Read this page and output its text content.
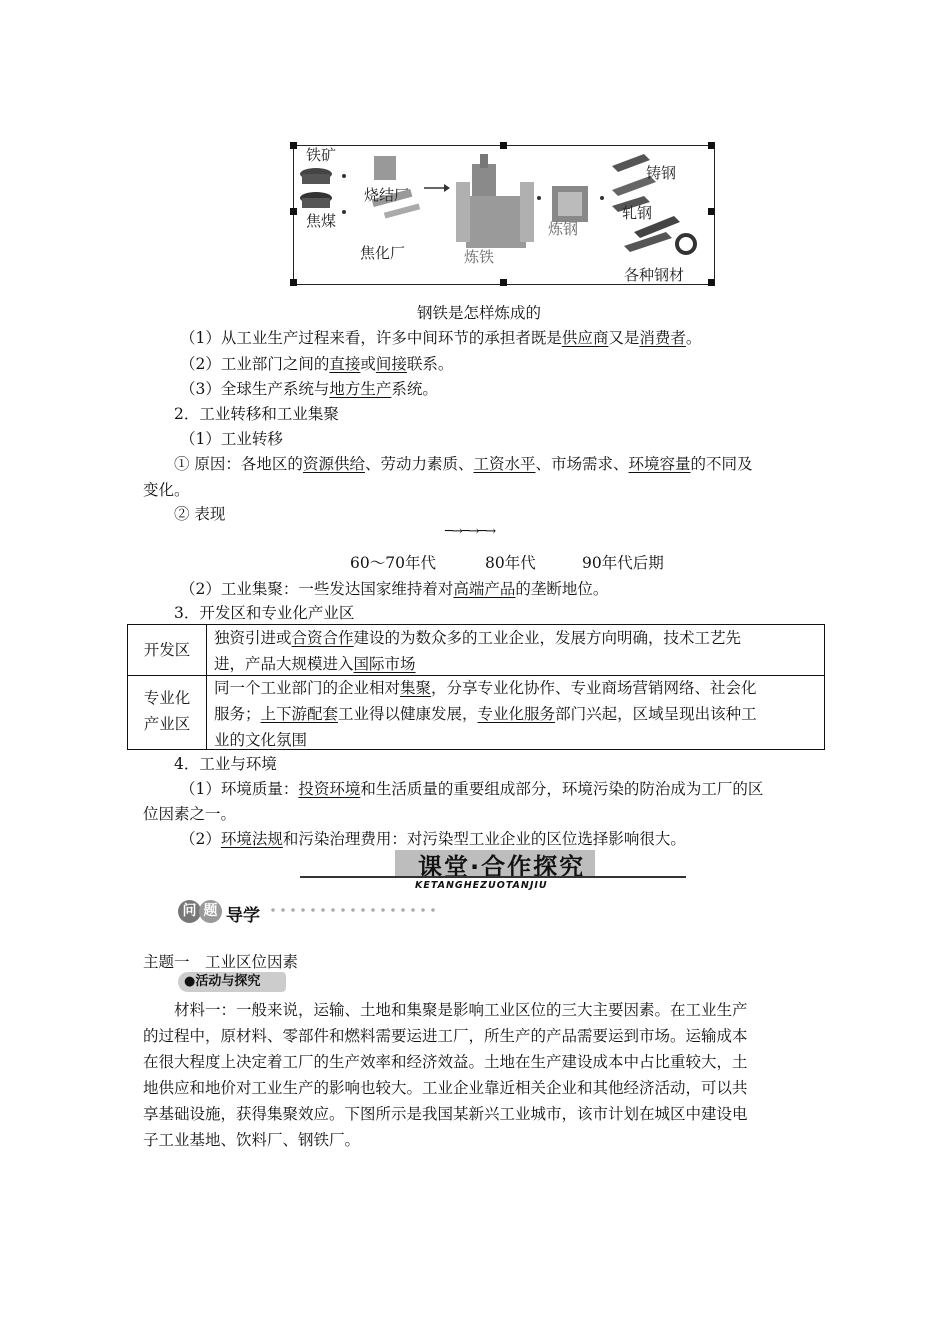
铁矿
焦煤
烧结厂
焦化厂	炼铁
炼钢
铸钢
轧钢
各种钢材
钢铁是怎样炼成的
（1）从工业生产过程来看，许多中间环节的承担者既是供应商又是消费者。
（2）工业部门之间的直接或间接联系。
（3）全球生产系统与地方生产系统。
2．工业转移和工业集聚
（1）工业转移
① 原因：各地区的资源供给、劳动力素质、工资水平、市场需求、环境容量的不同及
变化。
② 表现
─→─→─→
60～70年代	80年代	90年代后期
（2）工业集聚：一些发达国家维持着对高端产品的垄断地位。
3．开发区和专业化产业区
开发区
独资引进或合资合作建设的为数众多的工业企业，发展方向明确，技术工艺先
进，产品大规模进入国际市场
专业化
产业区
同一个工业部门的企业相对集聚，分享专业化协作、专业商场营销网络、社会化
服务；上下游配套工业得以健康发展，专业化服务部门兴起，区域呈现出该种工
业的文化氛围
4．工业与环境
（1）环境质量：投资环境和生活质量的重要组成部分，环境污染的防治成为工厂的区
位因素之一。
（2）环境法规和污染治理费用：对污染型工业企业的区位选择影响很大。
课堂·合作探究
KETANGHEZUOTANJIU
问 题 导学
主题一　工业区位因素
●活动与探究
材料一：一般来说，运输、土地和集聚是影响工业区位的三大主要因素。在工业生产
的过程中，原材料、零部件和燃料需要运进工厂，所生产的产品需要运到市场。运输成本
在很大程度上决定着工厂的生产效率和经济效益。土地在生产建设成本中占比重较大，土
地供应和地价对工业生产的影响也较大。工业企业靠近相关企业和其他经济活动，可以共
享基础设施，获得集聚效应。下图所示是我国某新兴工业城市，该市计划在城区中建设电
子工业基地、饮料厂、钢铁厂。
